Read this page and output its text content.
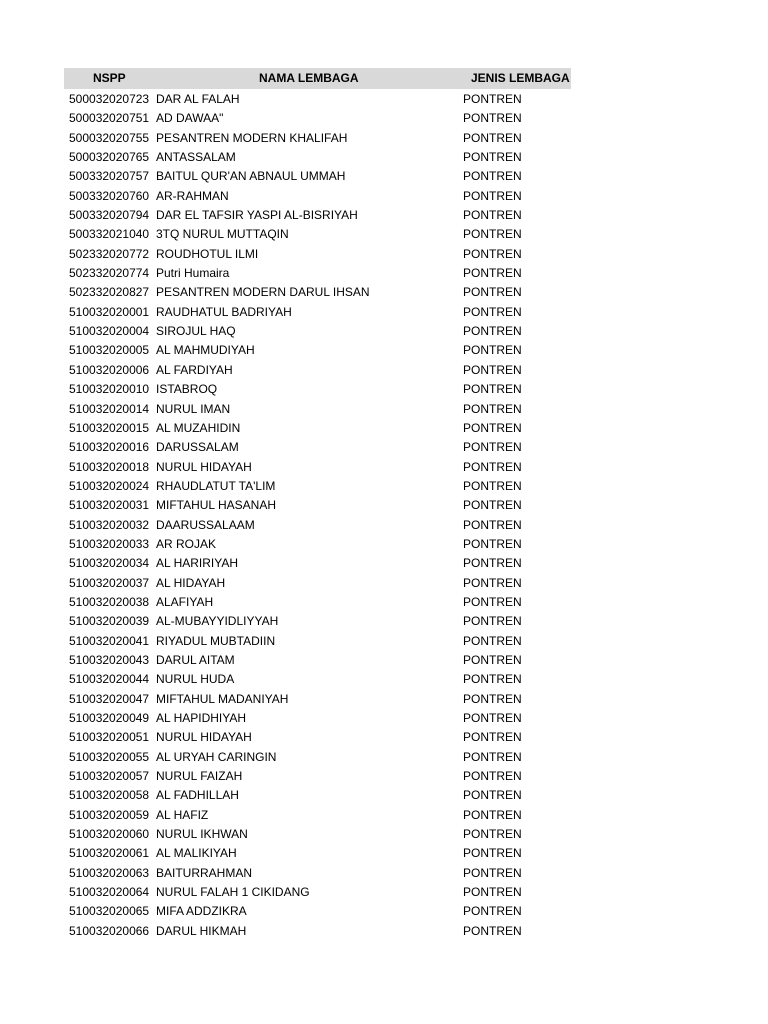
NSPP	NAMA LEMBAGA	JENIS LEMBAGA
500032020723 DAR AL FALAH	PONTREN
500032020751 AD DAWAA"	PONTREN
500032020755 PESANTREN MODERN KHALIFAH	PONTREN
500032020765 ANTASSALAM	PONTREN
500332020757 BAITUL QUR'AN ABNAUL UMMAH	PONTREN
500332020760 AR-RAHMAN	PONTREN
500332020794 DAR EL TAFSIR YASPI AL-BISRIYAH	PONTREN
500332021040 3TQ NURUL MUTTAQIN	PONTREN
502332020772 ROUDHOTUL ILMI	PONTREN
502332020774 Putri Humaira	PONTREN
502332020827 PESANTREN MODERN DARUL IHSAN	PONTREN
510032020001 RAUDHATUL BADRIYAH	PONTREN
510032020004 SIROJUL HAQ	PONTREN
510032020005 AL MAHMUDIYAH	PONTREN
510032020006 AL FARDIYAH	PONTREN
510032020010 ISTABROQ	PONTREN
510032020014 NURUL IMAN	PONTREN
510032020015 AL MUZAHIDIN	PONTREN
510032020016 DARUSSALAM	PONTREN
510032020018 NURUL HIDAYAH	PONTREN
510032020024 RHAUDLATUT TA'LIM	PONTREN
510032020031 MIFTAHUL HASANAH	PONTREN
510032020032 DAARUSSALAAM	PONTREN
510032020033 AR ROJAK	PONTREN
510032020034 AL HARIRIYAH	PONTREN
510032020037 AL HIDAYAH	PONTREN
510032020038 ALAFIYAH	PONTREN
510032020039 AL-MUBAYYIDLIYYAH	PONTREN
510032020041 RIYADUL MUBTADIIN	PONTREN
510032020043 DARUL AITAM	PONTREN
510032020044 NURUL HUDA	PONTREN
510032020047 MIFTAHUL MADANIYAH	PONTREN
510032020049 AL HAPIDHIYAH	PONTREN
510032020051 NURUL HIDAYAH	PONTREN
510032020055 AL URYAH CARINGIN	PONTREN
510032020057 NURUL FAIZAH	PONTREN
510032020058 AL FADHILLAH	PONTREN
510032020059 AL HAFIZ	PONTREN
510032020060 NURUL IKHWAN	PONTREN
510032020061 AL MALIKIYAH	PONTREN
510032020063 BAITURRAHMAN	PONTREN
510032020064 NURUL FALAH 1 CIKIDANG	PONTREN
510032020065 MIFA ADDZIKRA	PONTREN
510032020066 DARUL HIKMAH	PONTREN
